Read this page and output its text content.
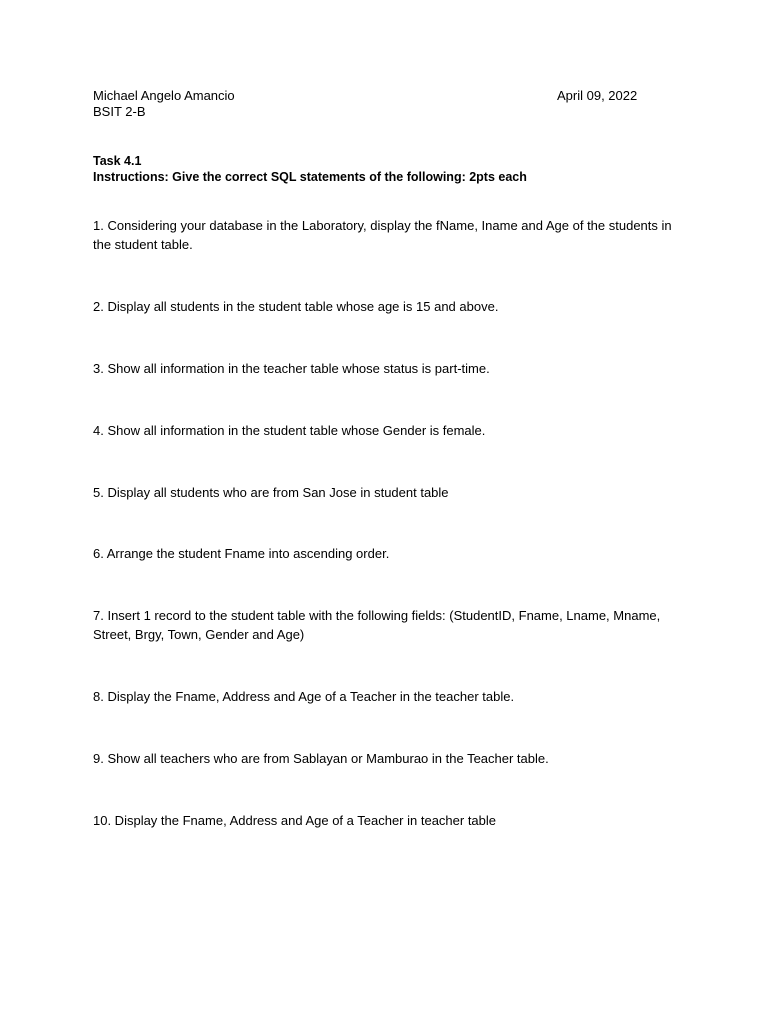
Michael Angelo Amancio
BSIT 2-B
April 09, 2022
Task 4.1
Instructions: Give the correct SQL statements of the following: 2pts each
1. Considering your database in the Laboratory, display the fName, Iname and Age of the students in the student table.
2. Display all students in the student table whose age is 15 and above.
3. Show all information in the teacher table whose status is part-time.
4. Show all information in the student table whose Gender is female.
5. Display all students who are from San Jose in student table
6. Arrange the student Fname into ascending order.
7. Insert 1 record to the student table with the following fields: (StudentID, Fname, Lname, Mname, Street, Brgy, Town, Gender and Age)
8. Display the Fname, Address and Age of a Teacher in the teacher table.
9. Show all teachers who are from Sablayan or Mamburao in the Teacher table.
10. Display the Fname, Address and Age of a Teacher in teacher table
